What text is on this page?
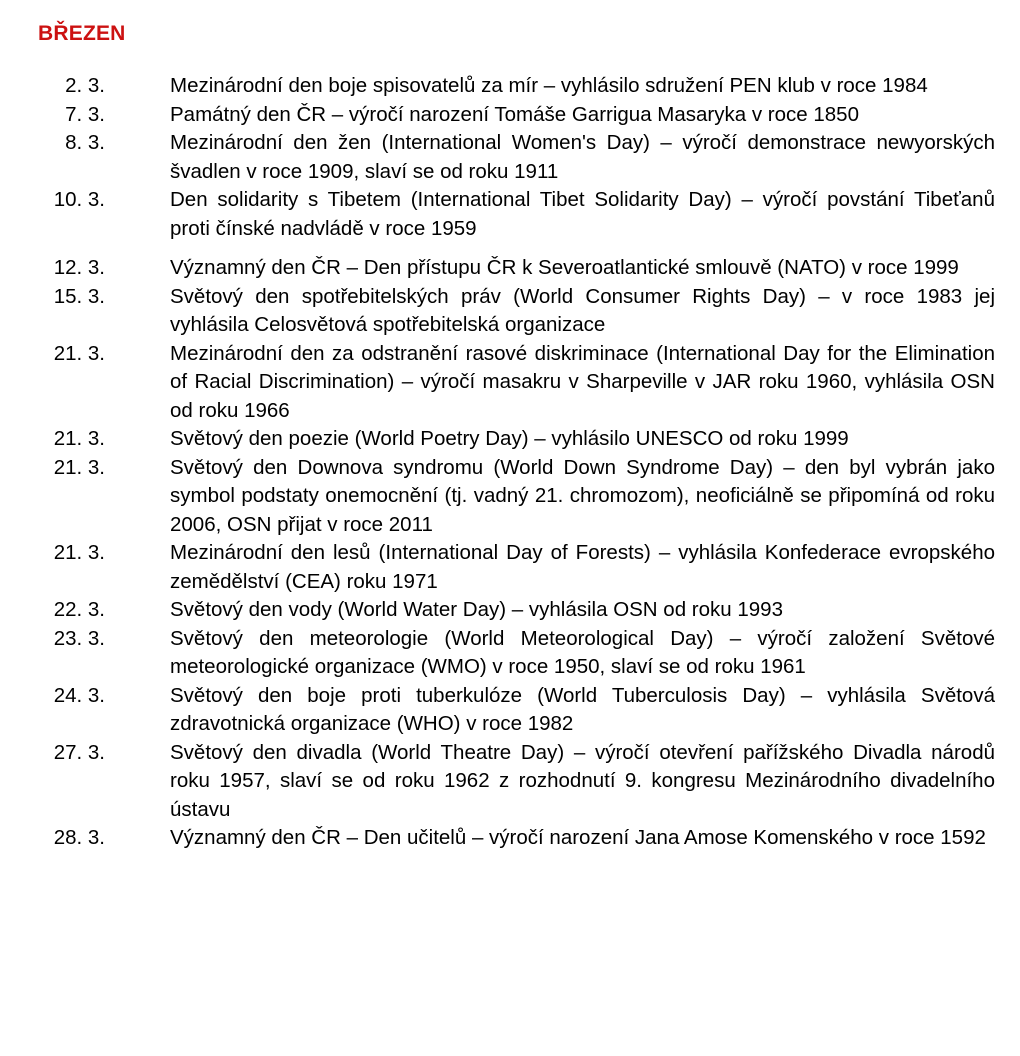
BŘEZEN
2. 3.	Mezinárodní den boje spisovatelů za mír – vyhlásilo sdružení PEN klub v roce 1984
7. 3.	Památný den ČR – výročí narození Tomáše Garrigua Masaryka v roce 1850
8. 3.	Mezinárodní den žen (International Women's Day) – výročí demonstrace newyorských švadlen v roce 1909, slaví se od roku 1911
10. 3.	Den solidarity s Tibetem (International Tibet Solidarity Day) – výročí povstání Tibeťanů proti čínské nadvládě v roce 1959
12. 3.	Významný den ČR – Den přístupu ČR k Severoatlantické smlouvě (NATO) v roce 1999
15. 3.	Světový den spotřebitelských práv (World Consumer Rights Day) – v roce 1983 jej vyhlásila Celosvětová spotřebitelská organizace
21. 3.	Mezinárodní den za odstranění rasové diskriminace (International Day for the Elimination of Racial Discrimination) – výročí masakru v Sharpeville v JAR roku 1960, vyhlásila OSN od roku 1966
21. 3.	Světový den poezie (World Poetry Day) – vyhlásilo UNESCO od roku 1999
21. 3.	Světový den Downova syndromu (World Down Syndrome Day) – den byl vybrán jako symbol podstaty onemocnění (tj. vadný 21. chromozom), neoficiálně se připomíná od roku 2006, OSN přijat v roce 2011
21. 3.	Mezinárodní den lesů (International Day of Forests) – vyhlásila Konfederace evropského zemědělství (CEA) roku 1971
22. 3.	Světový den vody (World Water Day) – vyhlásila OSN od roku 1993
23. 3.	Světový den meteorologie (World Meteorological Day) – výročí založení Světové meteorologické organizace (WMO) v roce 1950, slaví se od roku 1961
24. 3.	Světový den boje proti tuberkulóze (World Tuberculosis Day) – vyhlásila Světová zdravotnická organizace (WHO) v roce 1982
27. 3.	Světový den divadla (World Theatre Day) – výročí otevření pařížského Divadla národů roku 1957, slaví se od roku 1962 z rozhodnutí 9. kongresu Mezinárodního divadelního ústavu
28. 3.	Významný den ČR – Den učitelů – výročí narození Jana Amose Komenského v roce 1592
